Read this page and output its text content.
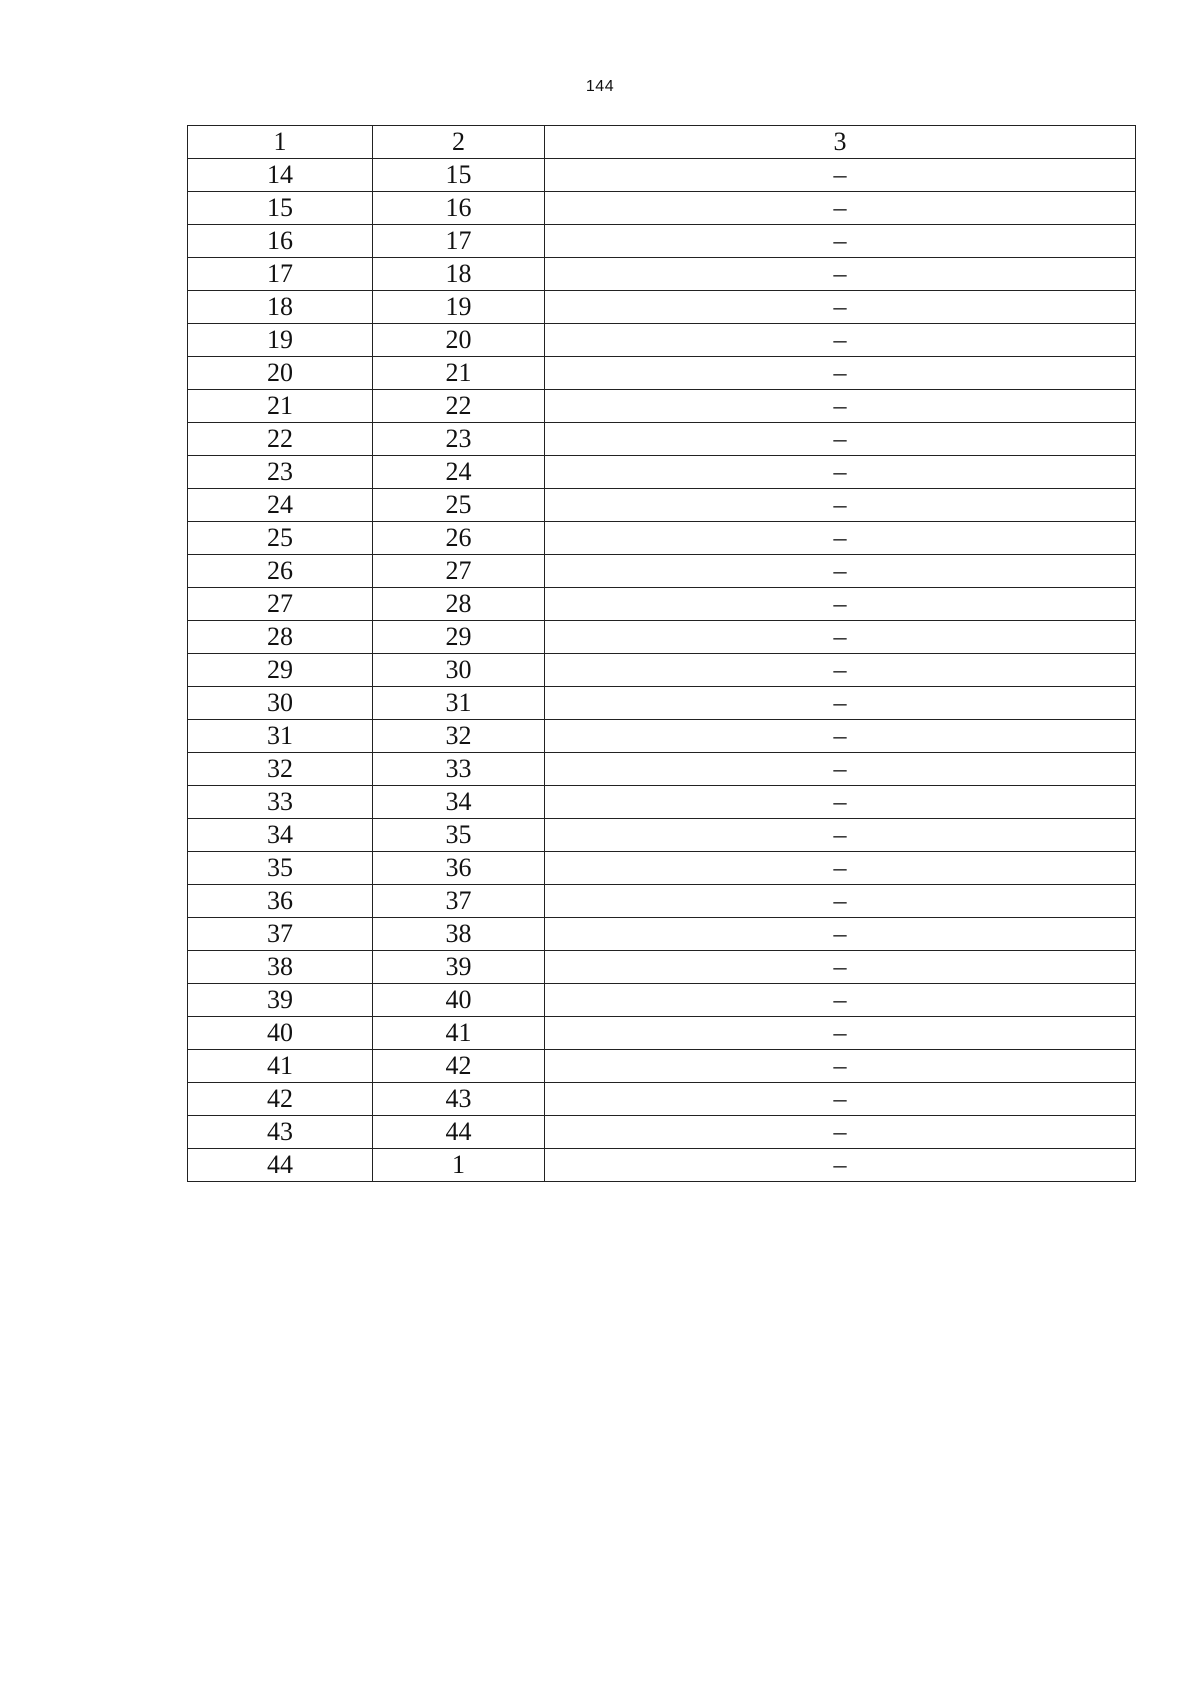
144
1	2	3
14	15	–
15	16	–
16	17	–
17	18	–
18	19	–
19	20	–
20	21	–
21	22	–
22	23	–
23	24	–
24	25	–
25	26	–
26	27	–
27	28	–
28	29	–
29	30	–
30	31	–
31	32	–
32	33	–
33	34	–
34	35	–
35	36	–
36	37	–
37	38	–
38	39	–
39	40	–
40	41	–
41	42	–
42	43	–
43	44	–
44	1	–
